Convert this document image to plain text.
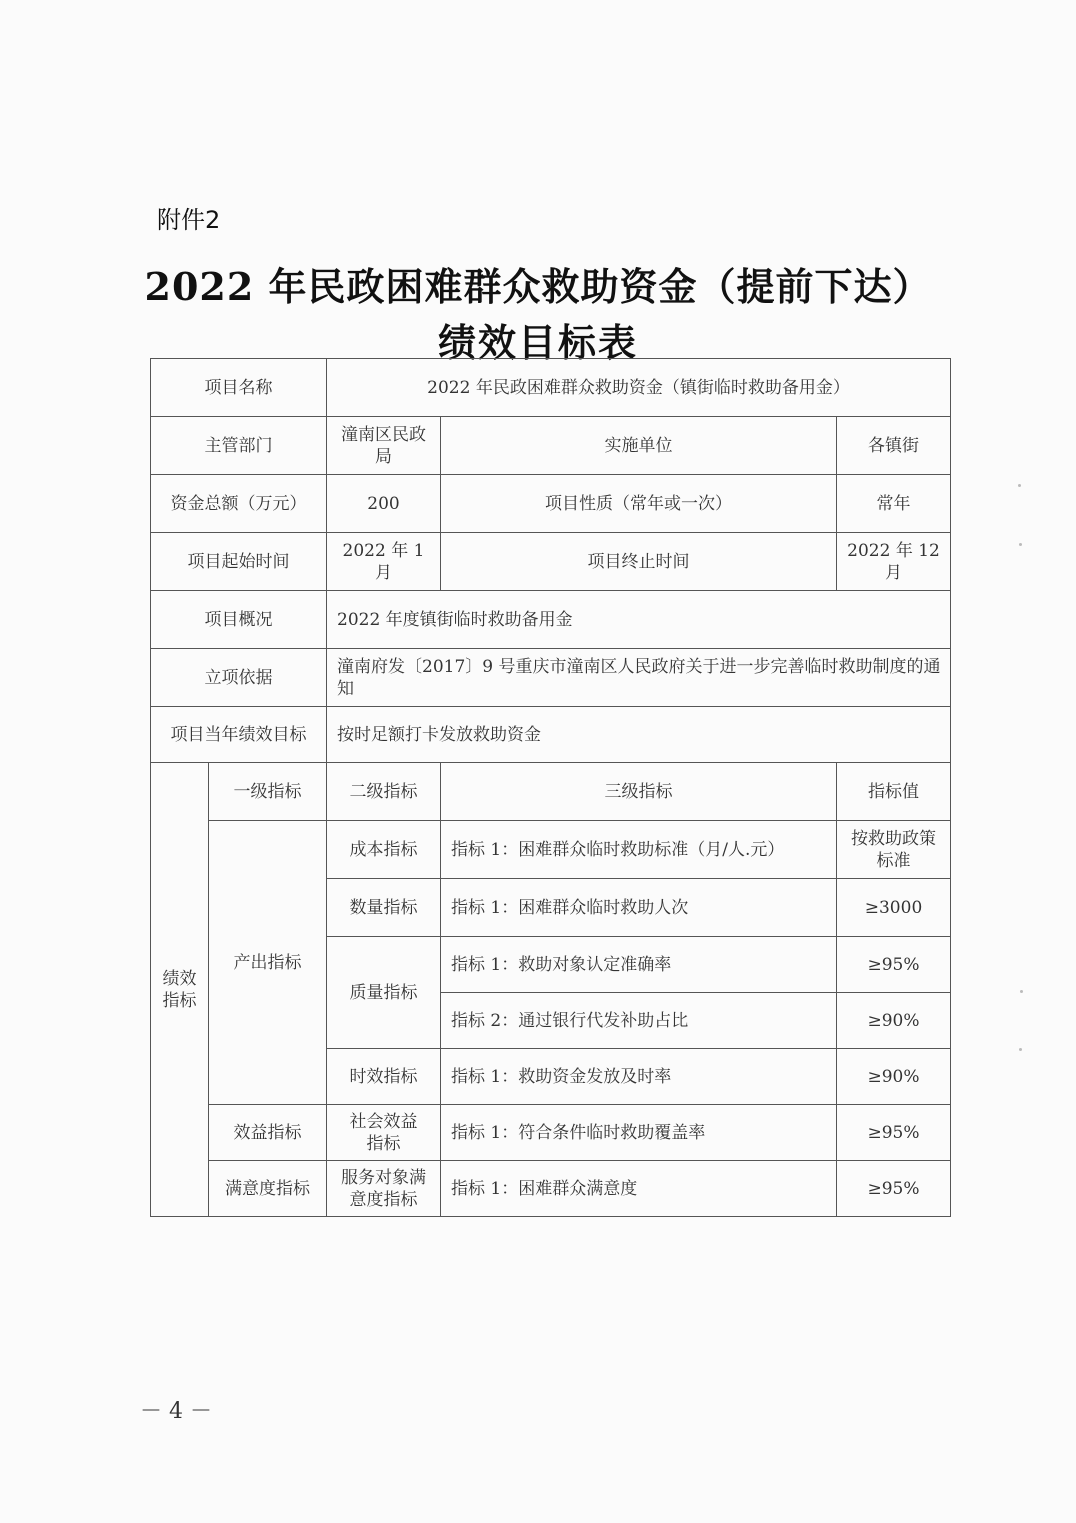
附件2
2022 年民政困难群众救助资金（提前下达）
绩效目标表
项目名称		2022 年民政困难群众救助资金（镇街临时救助备用金）		
主管部门		潼南区民政局	实施单位	各镇街
资金总额（万元）		200	项目性质（常年或一次）	常年
项目起始时间		2022 年 1 月	项目终止时间	2022 年 12 月
项目概况		2022 年度镇街临时救助备用金		
立项依据		潼南府发〔2017〕9 号重庆市潼南区人民政府关于进一步完善临时救助制度的通知		
项目当年绩效目标		按时足额打卡发放救助资金		
绩效指标	一级指标	二级指标	三级指标	指标值
	产出指标	成本指标	指标 1：困难群众临时救助标准（月/人.元）	按救助政策标准
		数量指标	指标 1：困难群众临时救助人次	≥3000
		质量指标	指标 1：救助对象认定准确率	≥95%
			指标 2：通过银行代发补助占比	≥90%
		时效指标	指标 1：救助资金发放及时率	≥90%
	效益指标	社会效益指标	指标 1：符合条件临时救助覆盖率	≥95%
	满意度指标	服务对象满意度指标	指标 1：困难群众满意度	≥95%
－ 4 －
